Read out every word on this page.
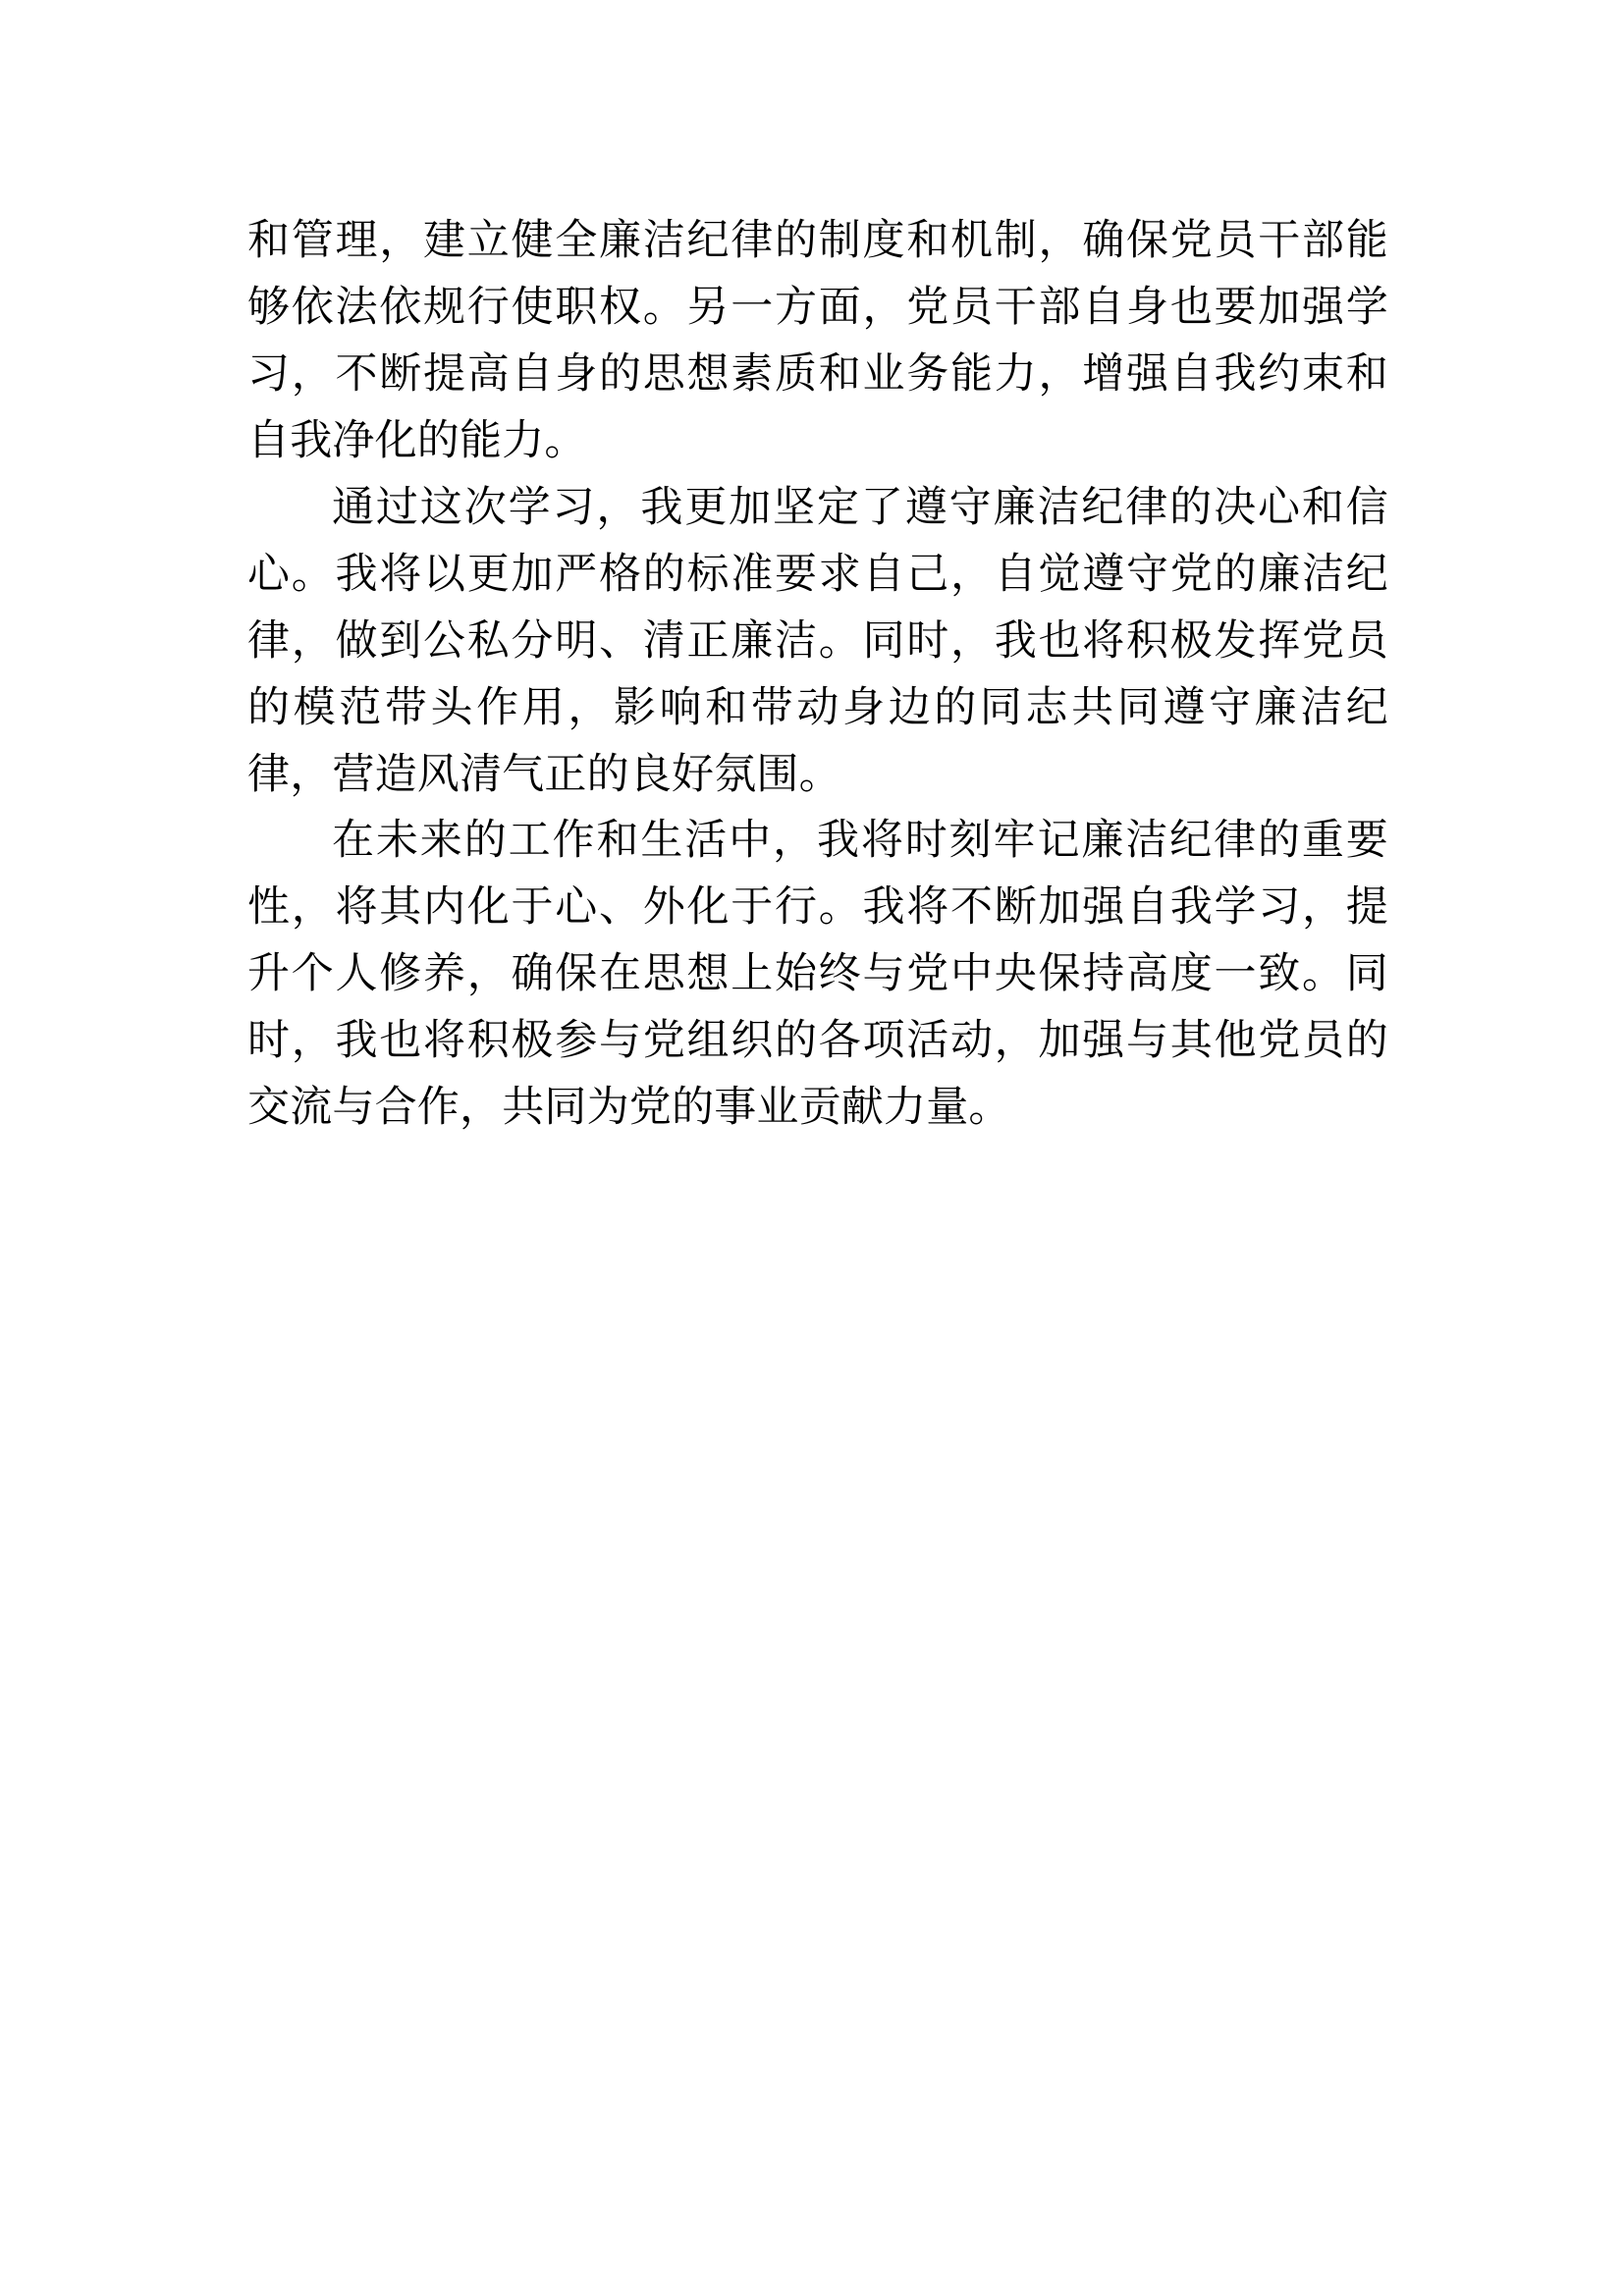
和管理，建立健全廉洁纪律的制度和机制，确保党员干部能够依法依规行使职权。另一方面，党员干部自身也要加强学习，不断提高自身的思想素质和业务能力，增强自我约束和自我净化的能力。

通过这次学习，我更加坚定了遵守廉洁纪律的决心和信心。我将以更加严格的标准要求自己，自觉遵守党的廉洁纪律，做到公私分明、清正廉洁。同时，我也将积极发挥党员的模范带头作用，影响和带动身边的同志共同遵守廉洁纪律，营造风清气正的良好氛围。

在未来的工作和生活中，我将时刻牢记廉洁纪律的重要性，将其内化于心、外化于行。我将不断加强自我学习，提升个人修养，确保在思想上始终与党中央保持高度一致。同时，我也将积极参与党组织的各项活动，加强与其他党员的交流与合作，共同为党的事业贡献力量。
